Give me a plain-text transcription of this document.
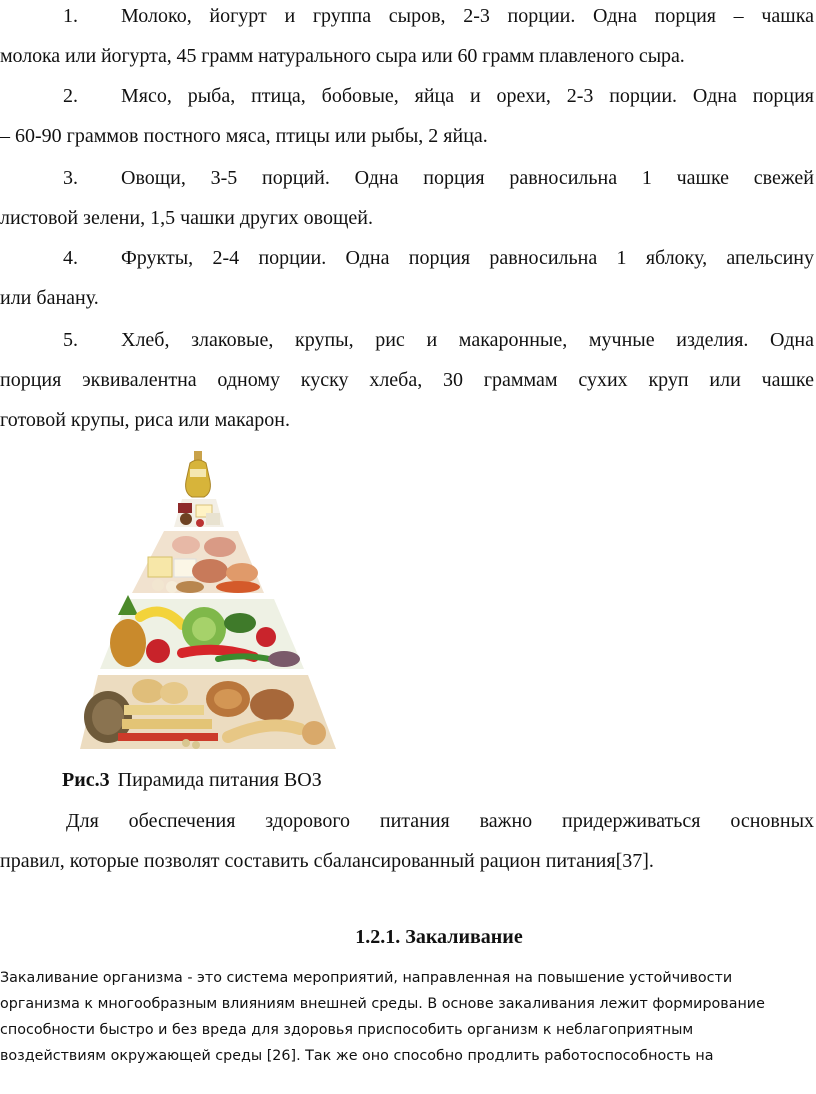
1. Молоко, йогурт и группа сыров, 2-3 порции. Одна порция – чашка
молока или йогурта, 45 грамм натурального сыра или 60 грамм плавленого сыра.
2. Мясо, рыба, птица, бобовые, яйца и орехи, 2-3 порции. Одна порция
– 60-90 граммов постного мяса, птицы или рыбы, 2 яйца.
3. Овощи, 3-5 порций. Одна порция равносильна 1 чашке свежей
листовой зелени, 1,5 чашки других овощей.
4. Фрукты, 2-4 порции. Одна порция равносильна 1 яблоку, апельсину
или банану.
5. Хлеб, злаковые, крупы, рис и макаронные, мучные изделия. Одна
порция эквивалентна одному куску хлеба, 30 граммам сухих круп или чашке
готовой крупы, риса или макарон.
Рис.3 Пирамида питания ВОЗ
Для обеспечения здорового питания важно придерживаться основных
правил, которые позволят составить сбалансированный рацион питания[37].
1.2.1. Закаливание
Закаливание организма - это система мероприятий, направленная на повышение устойчивости
организма к многообразным влияниям внешней среды. В основе закаливания лежит формирование
способности быстро и без вреда для здоровья приспособить организм к неблагоприятным
воздействиям окружающей среды [26]. Так же оно способно продлить работоспособность на
